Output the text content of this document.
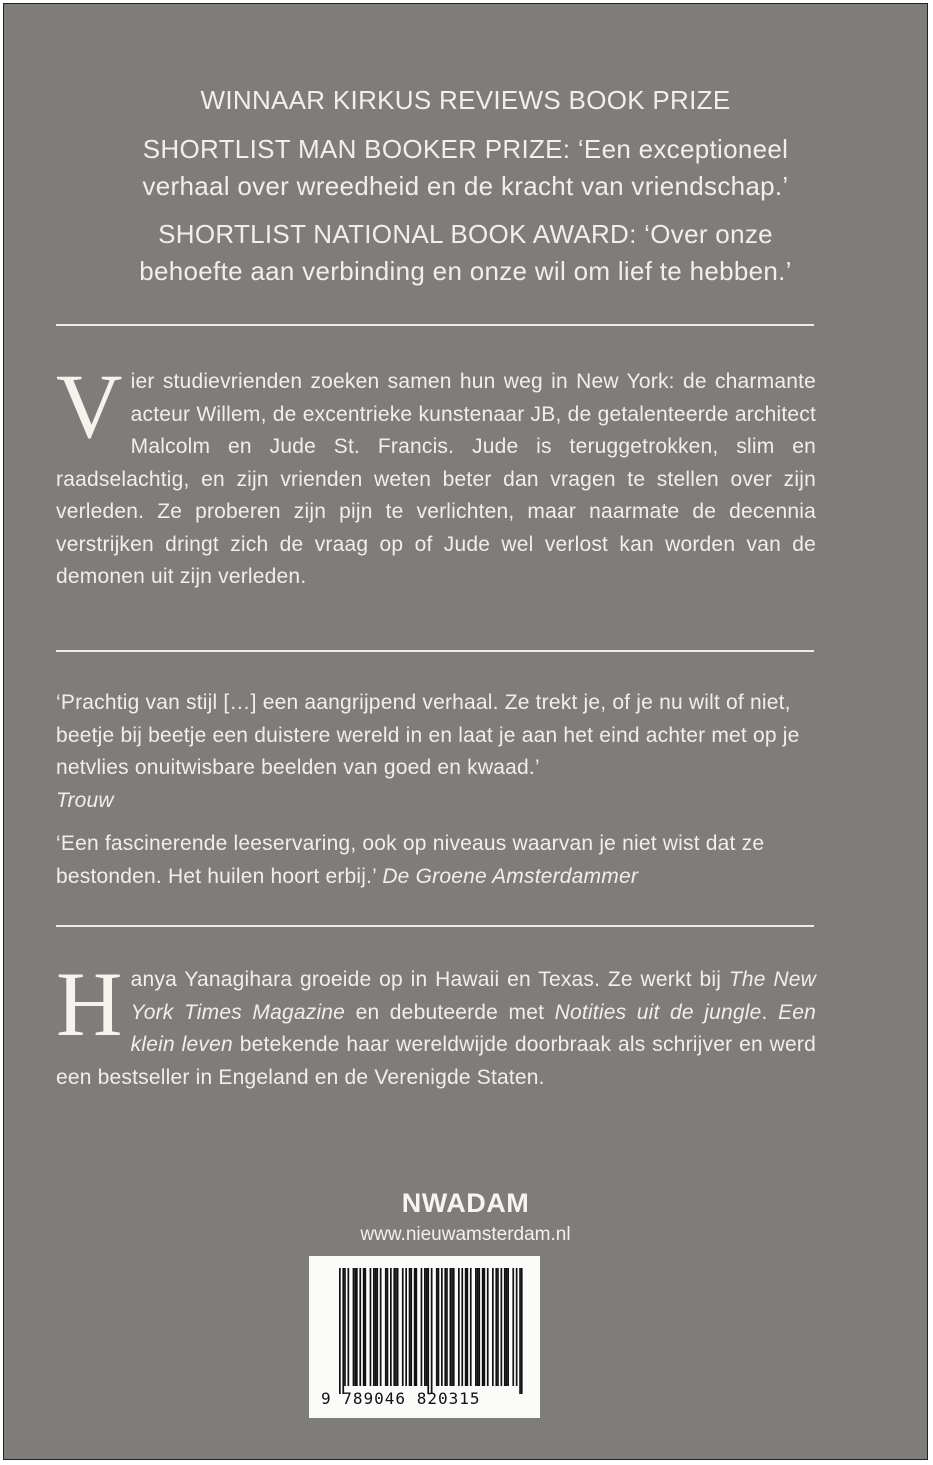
WINNAAR KIRKUS REVIEWS BOOK PRIZE
SHORTLIST MAN BOOKER PRIZE: ‘Een exceptioneel
verhaal over wreedheid en de kracht van vriendschap.’
SHORTLIST NATIONAL BOOK AWARD: ‘Over onze
behoefte aan verbinding en onze wil om lief te hebben.’
Vier studievrienden zoeken samen hun weg in New York: de charmante acteur Willem, de excentrieke kunstenaar JB, de getalenteerde architect Malcolm en Jude St. Francis. Jude is teruggetrokken, slim en raadselachtig, en zijn vrienden weten beter dan vragen te stellen over zijn verleden. Ze proberen zijn pijn te verlichten, maar naarmate de decennia verstrijken dringt zich de vraag op of Jude wel verlost kan worden van de demonen uit zijn verleden.

‘Prachtig van stijl […] een aangrijpend verhaal. Ze trekt je, of je nu wilt of niet, beetje bij beetje een duistere wereld in en laat je aan het eind achter met op je netvlies onuitwisbare beelden van goed en kwaad.’
Trouw

‘Een fascinerende leeservaring, ook op niveaus waarvan je niet wist dat ze bestonden. Het huilen hoort erbij.’ De Groene Amsterdammer

Hanya Yanagihara groeide op in Hawaii en Texas. Ze werkt bij The New York Times Magazine en debuteerde met Notities uit de jungle. Een klein leven betekende haar wereldwijde doorbraak als schrijver en werd een bestseller in Engeland en de Verenigde Staten.
NWADAM
www.nieuwamsterdam.nl
9 789046 820315
